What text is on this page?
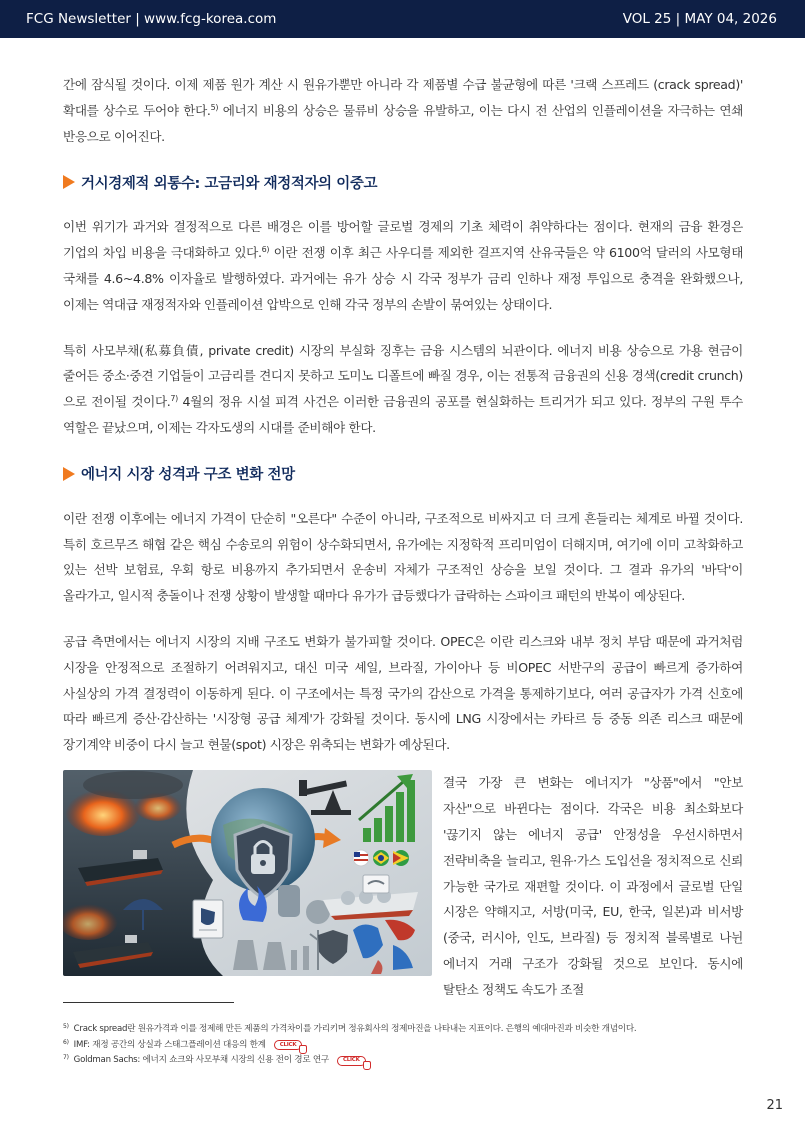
FCG Newsletter | www.fcg-korea.com	VOL 25 | MAY 04, 2026

간에 잠식될 것이다. 이제 제품 원가 계산 시 원유가뿐만 아니라 각 제품별 수급 불균형에 따른 '크랙 스프레드 (crack spread)' 확대를 상수로 두어야 한다.$^{5)}$ 에너지 비용의 상승은 물류비 상승을 유발하고, 이는 다시 전 산업의 인플레이션을 자극하는 연쇄 반응으로 이어진다.

거시경제적 외통수: 고금리와 재정적자의 이중고

이번 위기가 과거와 결정적으로 다른 배경은 이를 방어할 글로벌 경제의 기초 체력이 취약하다는 점이다. 현재의 금융 환경은 기업의 차입 비용을 극대화하고 있다.$^{6)}$ 이란 전쟁 이후 최근 사우디를 제외한 걸프지역 산유국들은 약 6100억 달러의 사모형태 국채를 4.6~4.8% 이자율로 발행하였다. 과거에는 유가 상승 시 각국 정부가 금리 인하나 재정 투입으로 충격을 완화했으나, 이제는 역대급 재정적자와 인플레이션 압박으로 인해 각국 정부의 손발이 묶여있는 상태이다.

특히 사모부채(私募負債, private credit) 시장의 부실화 징후는 금융 시스템의 뇌관이다. 에너지 비용 상승으로 가용 현금이 줄어든 중소·중견 기업들이 고금리를 견디지 못하고 도미노 디폴트에 빠질 경우, 이는 전통적 금융권의 신용 경색(credit crunch)으로 전이될 것이다.$^{7)}$ 4월의 정유 시설 피격 사건은 이러한 금융권의 공포를 현실화하는 트리거가 되고 있다. 정부의 구원 투수 역할은 끝났으며, 이제는 각자도생의 시대를 준비해야 한다.

에너지 시장 성격과 구조 변화 전망

이란 전쟁 이후에는 에너지 가격이 단순히 "오른다" 수준이 아니라, 구조적으로 비싸지고 더 크게 흔들리는 체계로 바뀔 것이다. 특히 호르무즈 해협 같은 핵심 수송로의 위험이 상수화되면서, 유가에는 지정학적 프리미엄이 더해지며, 여기에 이미 고착화하고 있는 선박 보험료, 우회 항로 비용까지 추가되면서 운송비 자체가 구조적인 상승을 보일 것이다. 그 결과 유가의 '바닥'이 올라가고, 일시적 충돌이나 전쟁 상황이 발생할 때마다 유가가 급등했다가 급락하는 스파이크 패턴의 반복이 예상된다.

공급 측면에서는 에너지 시장의 지배 구조도 변화가 불가피할 것이다. OPEC은 이란 리스크와 내부 정치 부담 때문에 과거처럼 시장을 안정적으로 조절하기 어려워지고, 대신 미국 셰일, 브라질, 가이아나 등 비OPEC 서반구의 공급이 빠르게 증가하여 사실상의 가격 결정력이 이동하게 된다. 이 구조에서는 특정 국가의 감산으로 가격을 통제하기보다, 여러 공급자가 가격 신호에 따라 빠르게 증산·감산하는 '시장형 공급 체계'가 강화될 것이다. 동시에 LNG 시장에서는 카타르 등 중동 의존 리스크 때문에 장기계약 비중이 다시 늘고 현물(spot) 시장은 위축되는 변화가 예상된다.

결국 가장 큰 변화는 에너지가 "상품"에서 "안보 자산"으로 바뀐다는 점이다. 각국은 비용 최소화보다 '끊기지 않는 에너지 공급' 안정성을 우선시하면서 전략비축을 늘리고, 원유·가스 도입선을 정치적으로 신뢰 가능한 국가로 재편할 것이다. 이 과정에서 글로벌 단일 시장은 약해지고, 서방(미국, EU, 한국, 일본)과 비서방(중국, 러시아, 인도, 브라질) 등 정치적 블록별로 나뉜 에너지 거래 구조가 강화될 것으로 보인다. 동시에 탈탄소 정책도 속도가 조절

$^{5)}$ Crack spread란 원유가격과 이를 정제해 만든 제품의 가격차이를 가리키며 정유회사의 정제마진을 나타내는 지표이다. 은행의 예대마진과 비슷한 개념이다.
$^{6)}$ IMF: 재정 공간의 상실과 스태그플레이션 대응의 한계	CLICK
$^{7)}$ Goldman Sachs: 에너지 쇼크와 사모부채 시장의 신용 전이 경로 연구	CLICK
21
